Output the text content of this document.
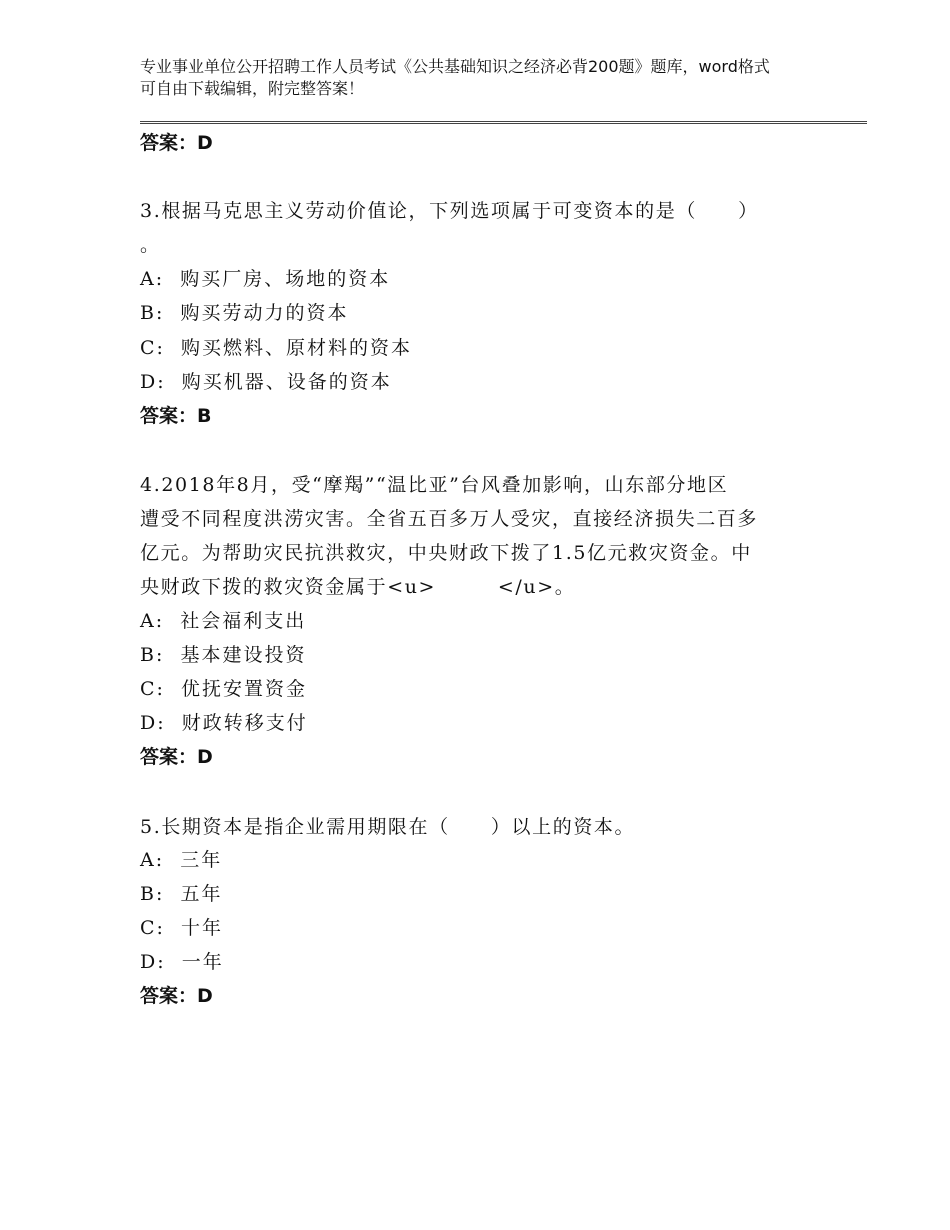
专业事业单位公开招聘工作人员考试《公共基础知识之经济必背200题》题库，word格式可自由下载编辑，附完整答案！
答案：D
3.根据马克思主义劳动价值论，下列选项属于可变资本的是（　　）
。
A:  购买厂房、场地的资本
B:  购买劳动力的资本
C:  购买燃料、原材料的资本
D:  购买机器、设备的资本
答案：B
4.2018年8月，受“摩羯”“温比亚”台风叠加影响，山东部分地区
遭受不同程度洪涝灾害。全省五百多万人受灾，直接经济损失二百多
亿元。为帮助灾民抗洪救灾，中央财政下拨了1.5亿元救灾资金。中
央财政下拨的救灾资金属于<u>　　　</u>。
A:  社会福利支出
B:  基本建设投资
C:  优抚安置资金
D:  财政转移支付
答案：D
5.长期资本是指企业需用期限在（　　）以上的资本。
A:  三年
B:  五年
C:  十年
D:  一年
答案：D
